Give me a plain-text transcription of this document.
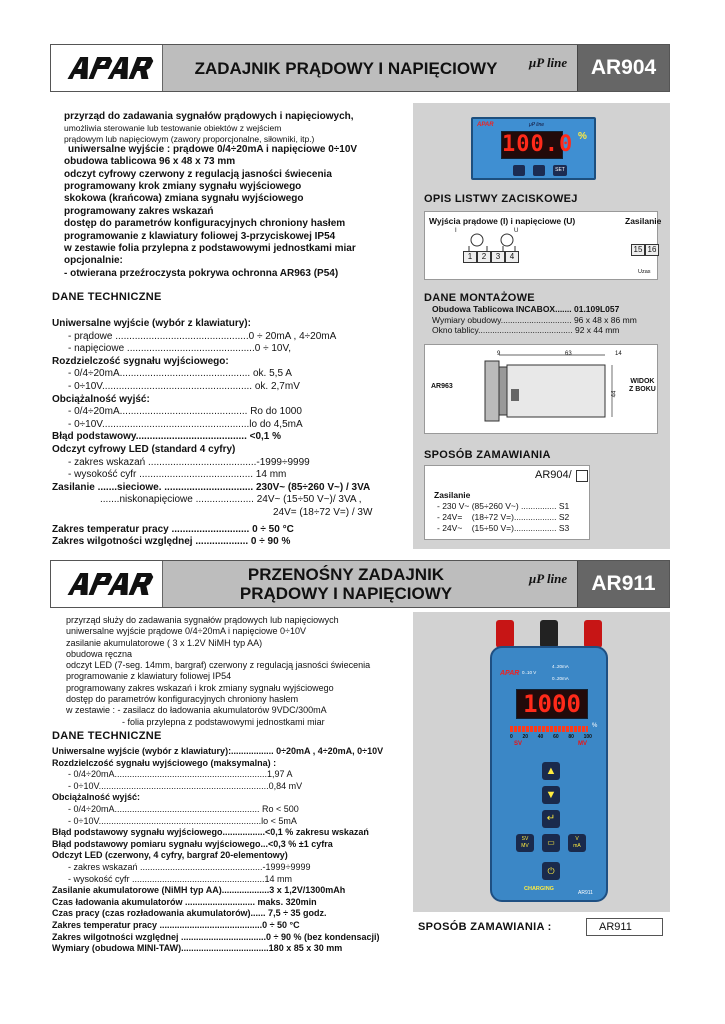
ZADAJNIK PRĄDOWY I NAPIĘCIOWY	μP line	AR904
przyrząd do zadawania sygnałów prądowych i napięciowych,
umożliwia sterowanie lub testowanie obiektów z wejściem
prądowym lub napięciowym (zawory proporcjonalne, siłowniki, itp.)
uniwersalne wyjście : prądowe 0/4÷20mA i napięciowe 0÷10V
obudowa tablicowa 96 x 48 x 73 mm
odczyt cyfrowy czerwony z regulacją jasności świecenia
programowany krok zmiany sygnału wyjściowego
skokowa (krańcowa) zmiana sygnału wyjściowego
programowany zakres wskazań
dostęp do parametrów konfiguracyjnych chroniony hasłem
programowanie z klawiatury foliowej 3-przyciskowej IP54
w zestawie folia przylepna z podstawowymi jednostkami miar
opcjonalnie:
- otwierana przeźroczysta pokrywa ochronna AR963 (P54)
DANE TECHNICZNE
Uniwersalne wyjście (wybór z klawiatury):
- prądowe ................................................0 ÷ 20mA , 4÷20mA
- napięciowe ..............................................0 ÷ 10V,
Rozdzielczość sygnału wyjściowego:
- 0/4÷20mA............................................... ok. 5,5 A
- 0÷10V...................................................... ok. 2,7mV
Obciążalność wyjść:
- 0/4÷20mA.............................................. Ro do 1000
- 0÷10V.....................................................lo do 4,5mA
Błąd podstawowy........................................ <0,1 %
Odczyt cyfrowy LED (standard 4 cyfry)
- zakres wskazań .......................................-1999÷9999
- wysokość cyfr ......................................... 14 mm
Zasilanie .......sieciowe. ................................ 230V~ (85÷260 V~) / 3VA
.......niskonapięciowe ..................... 24V~ (15÷50 V~)/ 3VA ,
24V= (18÷72 V=) / 3W
Zakres temperatur pracy ............................ 0 ÷ 50 °C
Zakres wilgotności względnej ................... 0 ÷ 90 %
APAR	μP line
100.0 %
SET
OPIS LISTWY ZACISKOWEJ
Wyjścia prądowe (I) i napięciowe (U)	Zasilanie
I	U
1	2	3	4
15 16
Uzas
DANE MONTAŻOWE
Obudowa Tablicowa INCABOX....... 01.109L057
Wymiary obudowy.............................. 96 x 48 x 86 mm
Okno tablicy........................................ 92 x 44 mm
AR963
9	63	14
44
WIDOK
Z BOKU
SPOSÓB ZAMAWIANIA
AR904/
Zasilanie
- 230 V~ (85÷260 V~) ............... S1
- 24V=    (18÷72 V=).................. S2
- 24V~    (15÷50 V=).................. S3
PRZENOŚNY ZADAJNIK
PRĄDOWY I NAPIĘCIOWY
μP line	AR911
przyrząd służy do zadawania sygnałów prądowych lub napięciowych
uniwersalne wyjście prądowe 0/4÷20mA i napięciowe 0÷10V
zasilanie akumulatorowe ( 3 x 1.2V NiMH typ AA)
obudowa ręczna
odczyt LED (7-seg. 14mm, bargraf) czerwony z regulacją jasności świecenia
programowanie z klawiatury foliowej IP54
programowany zakres wskazań i krok zmiany sygnału wyjściowego
dostęp do parametrów konfiguracyjnych chroniony hasłem
w zestawie : - zasilacz do ładowania akumulatorów 9VDC/300mA
- folia przylepna z podstawowymi jednostkami miar
DANE TECHNICZNE
Uniwersalne wyjście (wybór z klawiatury):................. 0÷20mA , 4÷20mA, 0÷10V
Rozdzielczość sygnału wyjściowego (maksymalna) :
- 0/4÷20mA.............................................................1,97 A
- 0÷10V....................................................................0,84 mV
Obciążalność wyjść:
- 0/4÷20mA.......................................................... Ro < 500
- 0÷10V.................................................................lo < 5mA
Błąd podstawowy sygnału wyjściowego.................<0,1 % zakresu wskazań
Błąd podstawowy pomiaru sygnału wyjściowego...<0,3 % ±1 cyfra
Odczyt LED (czerwony, 4 cyfry, bargraf 20-elementowy)
- zakres wskazań .................................................-1999÷9999
- wysokość cyfr .....................................................14 mm
Zasilanie akumulatorowe (NiMH typ AA)...................3 x 1,2V/1300mAh
Czas ładowania akumulatorów ............................ maks. 320min
Czas pracy (czas rozładowania akumulatorów)...... 7,5 ÷ 35 godz.
Zakres temperatur pracy .........................................0 ÷ 50 °C
Zakres wilgotności względnej ..................................0 ÷ 90 % (bez kondensacji)
Wymiary (obudowa MINI-TAW)...................................180 x 85 x 30 mm
APAR 0..10 V
4..20mA
0..20mA
1000
%
0 20 40 60 80 100
SV	MV
▲
▼
↵
SV
MV	▭	V
mA
⏻
CHARGING
AR911
SPOSÓB ZAMAWIANIA :	AR911
